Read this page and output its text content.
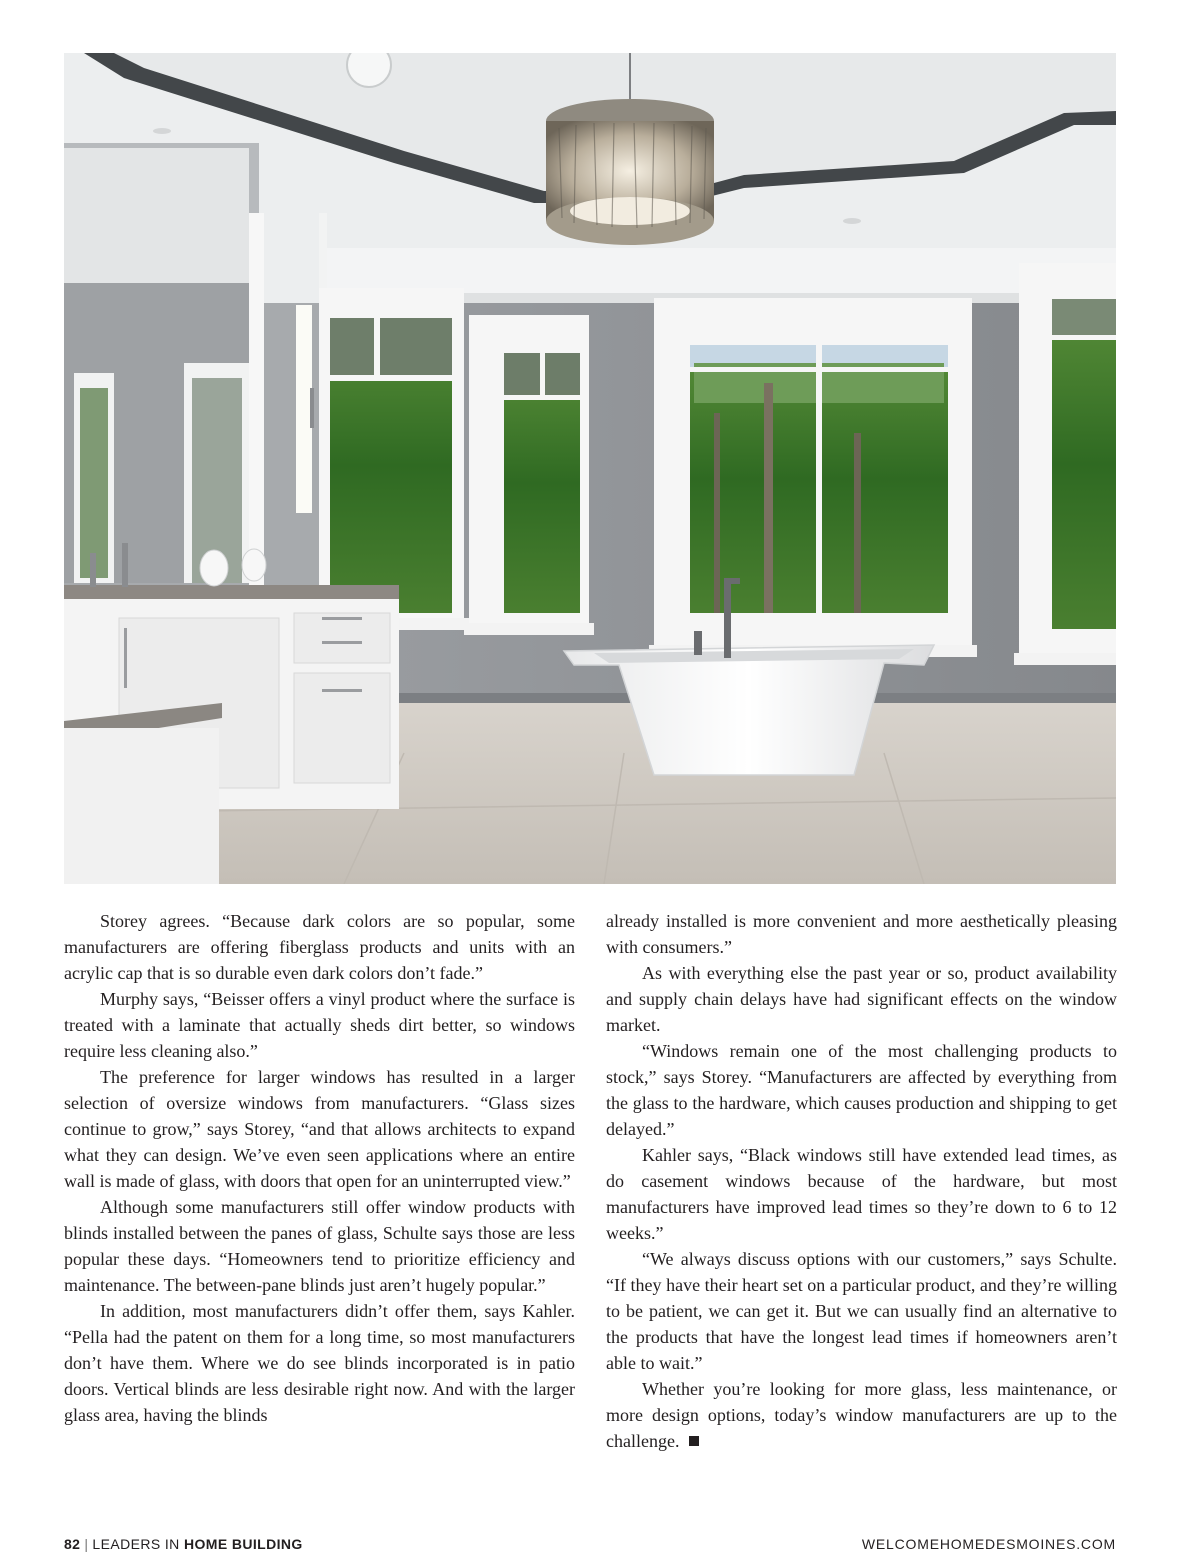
Storey agrees. “Because dark colors are so popular, some manufacturers are offering fiberglass products and units with an acrylic cap that is so durable even dark colors don’t fade.”

Murphy says, “Beisser offers a vinyl product where the surface is treated with a laminate that actually sheds dirt better, so windows require less cleaning also.”

The preference for larger windows has resulted in a larger selection of oversize windows from manufacturers. “Glass sizes continue to grow,” says Storey, “and that allows architects to expand what they can design. We’ve even seen applications where an entire wall is made of glass, with doors that open for an uninterrupted view.”

Although some manufacturers still offer window products with blinds installed between the panes of glass, Schulte says those are less popular these days. “Homeowners tend to prioritize efficiency and maintenance. The between-pane blinds just aren’t hugely popular.”

In addition, most manufacturers didn’t offer them, says Kahler. “Pella had the patent on them for a long time, so most manufacturers don’t have them. Where we do see blinds incorporated is in patio doors. Vertical blinds are less desirable right now. And with the larger glass area, having the blinds

already installed is more convenient and more aesthetically pleasing with consumers.”

As with everything else the past year or so, product availability and supply chain delays have had significant effects on the window market.

“Windows remain one of the most challenging products to stock,” says Storey. “Manufacturers are affected by everything from the glass to the hardware, which causes production and shipping to get delayed.”

Kahler says, “Black windows still have extended lead times, as do casement windows because of the hardware, but most manufacturers have improved lead times so they’re down to 6 to 12 weeks.”

“We always discuss options with our customers,” says Schulte. “If they have their heart set on a particular product, and they’re willing to be patient, we can get it. But we can usually find an alternative to the products that have the longest lead times if homeowners aren’t able to wait.”

Whether you’re looking for more glass, less maintenance, or more design options, today’s window manufacturers are up to the challenge.

82 | LEADERS IN HOME BUILDING	WELCOMEHOMEDESMOINES.COM
